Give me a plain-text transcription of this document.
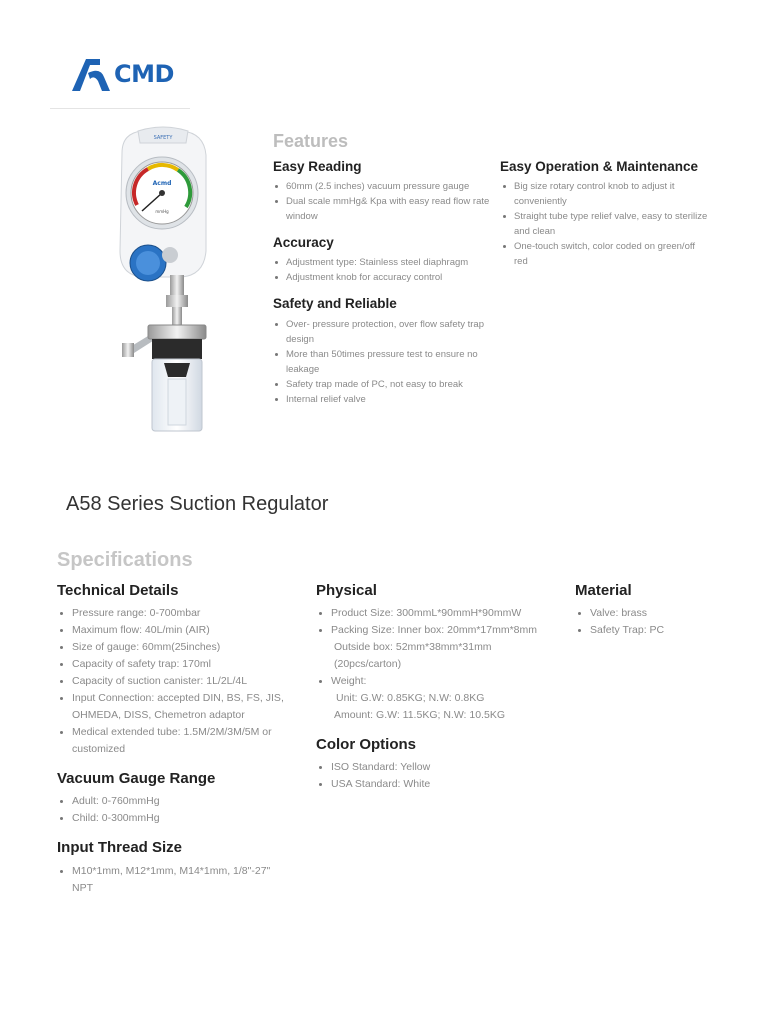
CMD
SAFETY
Acmd
mmHg
Features
Easy Reading
60mm (2.5 inches) vacuum pressure gauge
Dual scale mmHg& Kpa with easy read flow rate window
Accuracy
Adjustment type: Stainless steel diaphragm
Adjustment knob for accuracy control
Safety and Reliable
Over- pressure protection, over flow safety trap design
More than 50times pressure test to ensure no leakage
Safety trap made of PC, not easy to break
Internal relief valve
Easy Operation & Maintenance
Big size rotary control knob to adjust it conveniently
Straight tube type relief valve, easy to sterilize and clean
One-touch switch, color coded on green/off red
A58 Series Suction Regulator
Specifications
Technical Details
Pressure range: 0-700mbar
Maximum flow: 40L/min (AIR)
Size of gauge: 60mm(25inches)
Capacity of safety trap: 170ml
Capacity of suction canister: 1L/2L/4L
Input Connection: accepted DIN, BS, FS, JIS, OHMEDA, DISS, Chemetron adaptor
Medical extended tube: 1.5M/2M/3M/5M or customized
Vacuum Gauge Range
Adult: 0-760mmHg
Child: 0-300mmHg
Input Thread Size
M10*1mm, M12*1mm, M14*1mm, 1/8"-27" NPT
Physical
Product Size: 300mmL*90mmH*90mmW
Packing Size: Inner box: 20mm*17mm*8mm
Outside box: 52mm*38mm*31mm
(20pcs/carton)
Weight:
Unit: G.W: 0.85KG; N.W: 0.8KG
Amount: G.W: 11.5KG; N.W: 10.5KG
Color Options
ISO Standard: Yellow
USA Standard: White
Material
Valve: brass
Safety Trap: PC
